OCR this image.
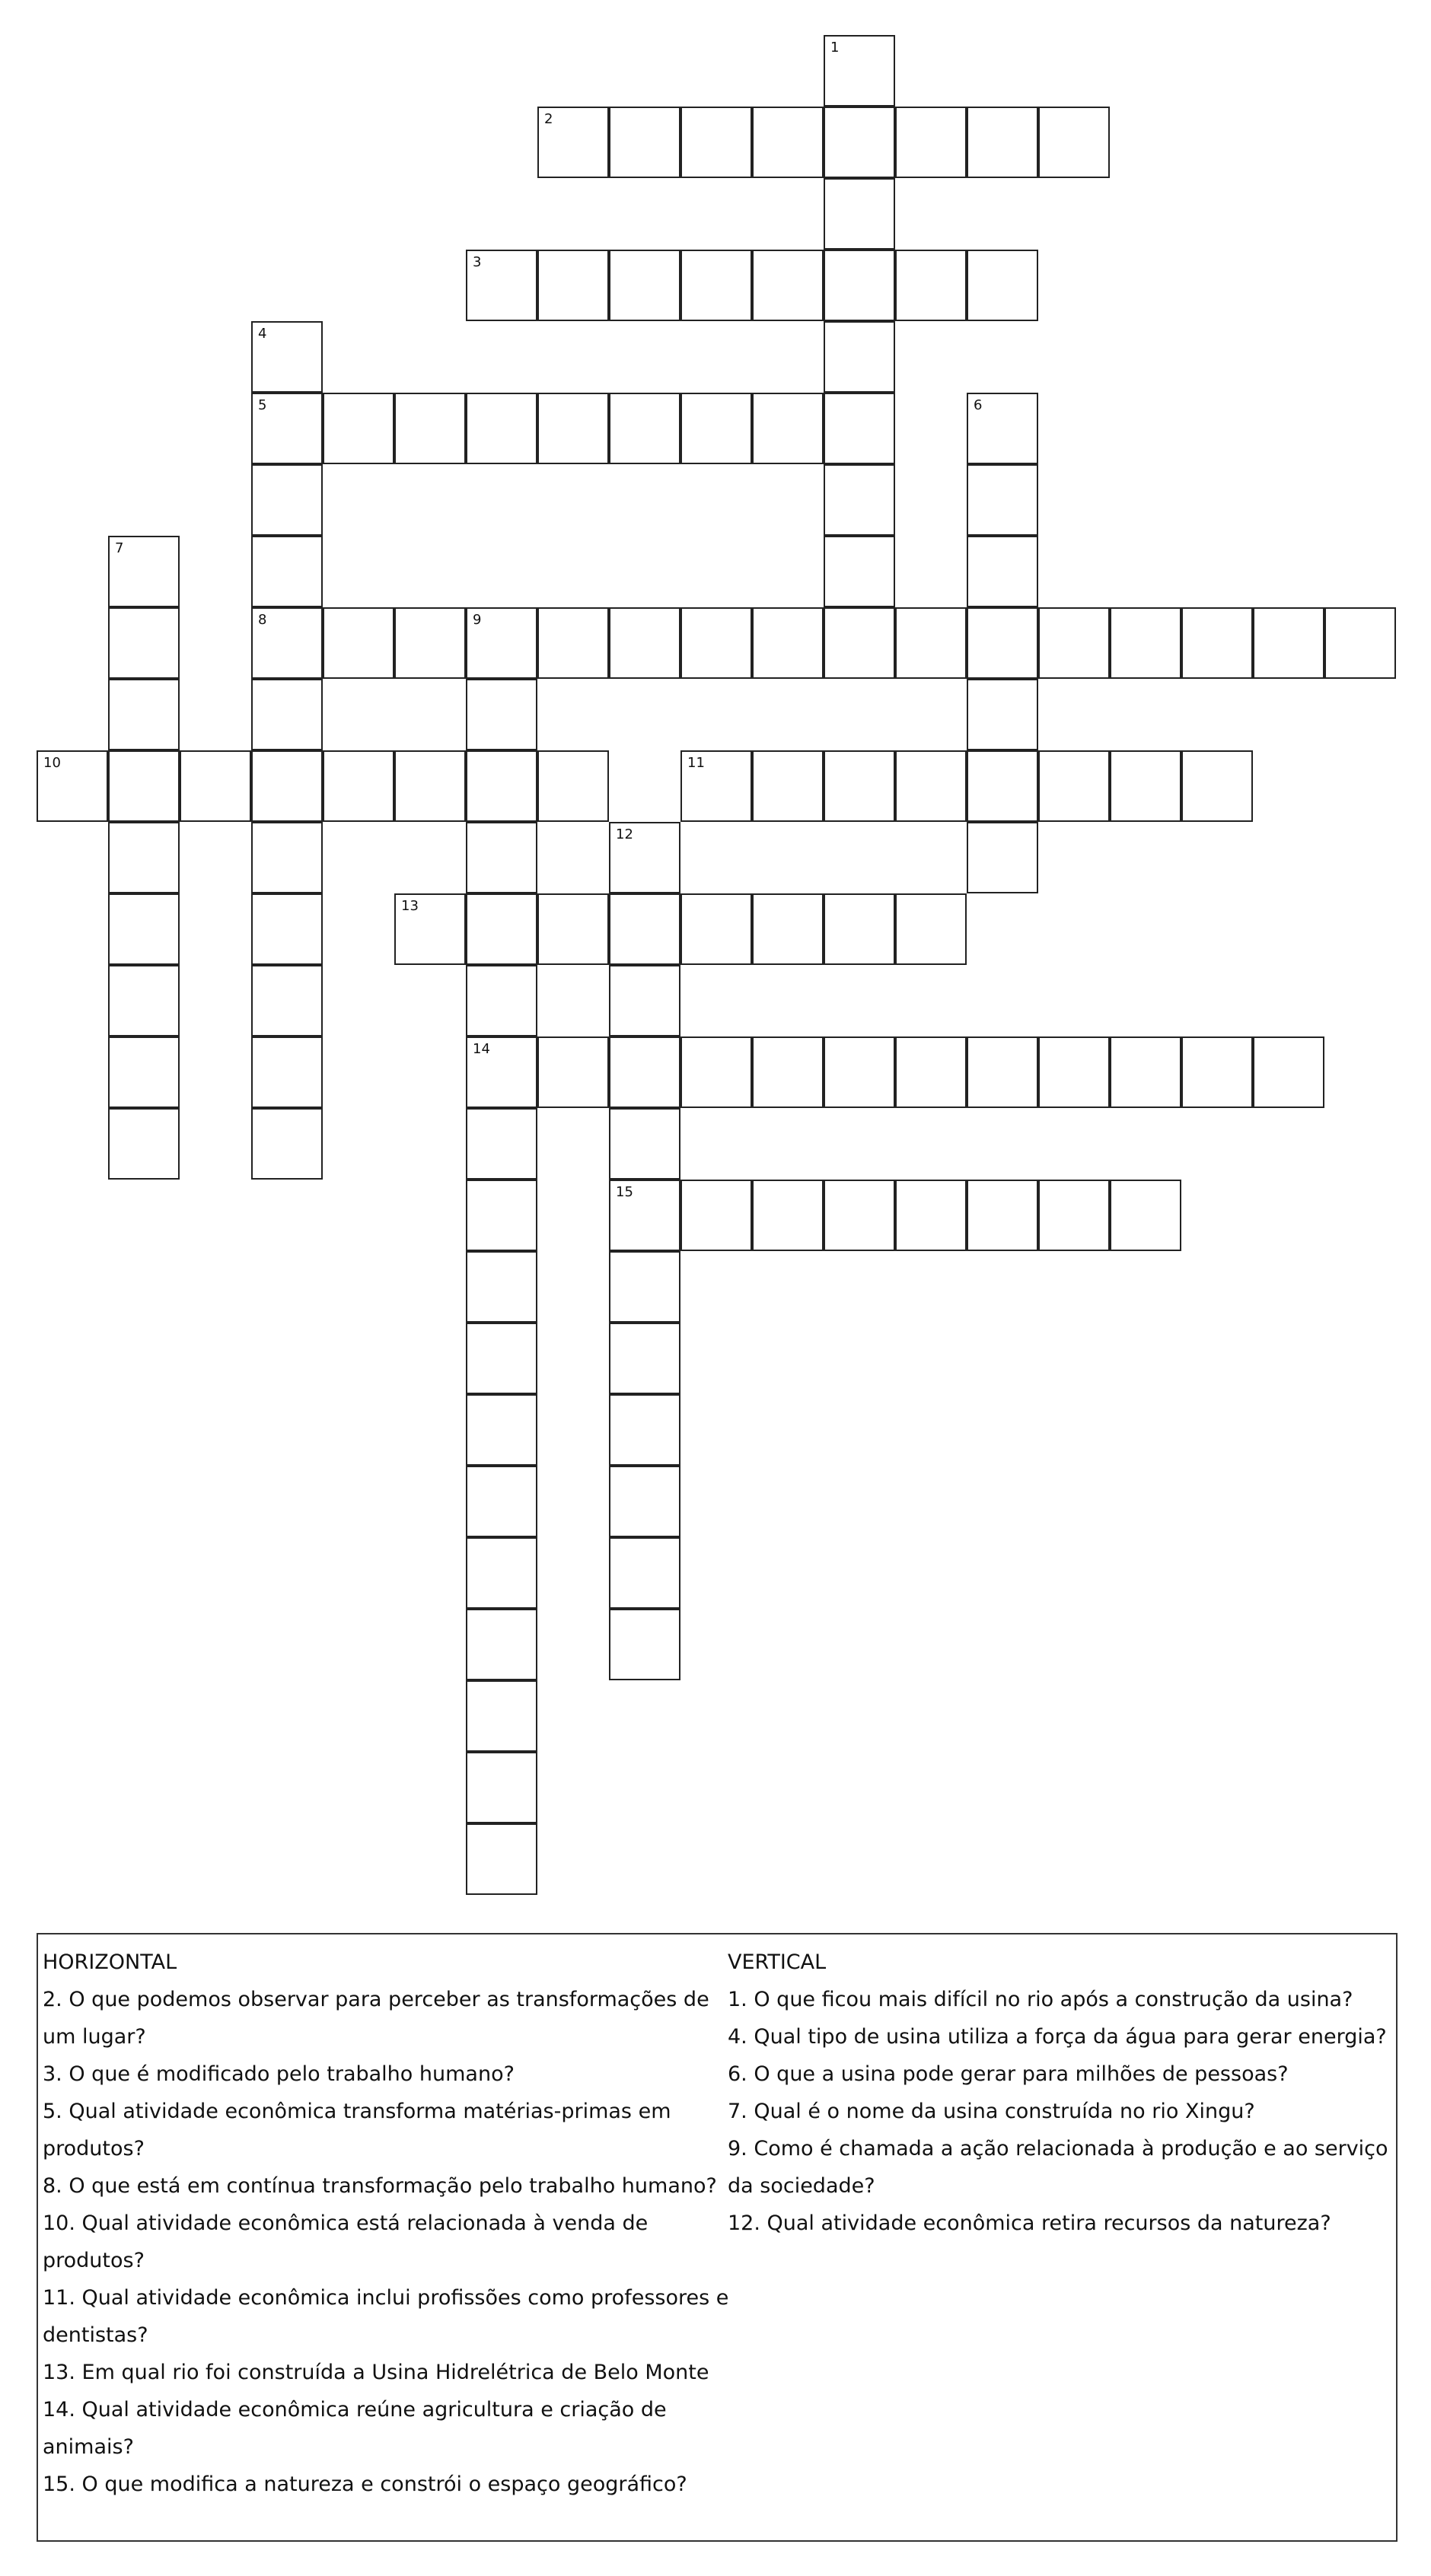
1
2
3
4
5
8
6
7
9
14
10	11
12
15
13
HORIZONTAL
2. O que podemos observar para perceber as transformações de um lugar?
3. O que é modificado pelo trabalho humano?
5. Qual atividade econômica transforma matérias-primas em produtos?
8. O que está em contínua transformação pelo trabalho humano?
10. Qual atividade econômica está relacionada à venda de produtos?
11. Qual atividade econômica inclui profissões como professores e dentistas?
13. Em qual rio foi construída a Usina Hidrelétrica de Belo Monte
14. Qual atividade econômica reúne agricultura e criação de animais?
15. O que modifica a natureza e constrói o espaço geográfico?
VERTICAL
1. O que ficou mais difícil no rio após a construção da usina?
4. Qual tipo de usina utiliza a força da água para gerar energia?
6. O que a usina pode gerar para milhões de pessoas?
7. Qual é o nome da usina construída no rio Xingu?
9. Como é chamada a ação relacionada à produção e ao serviço da sociedade?
12. Qual atividade econômica retira recursos da natureza?
